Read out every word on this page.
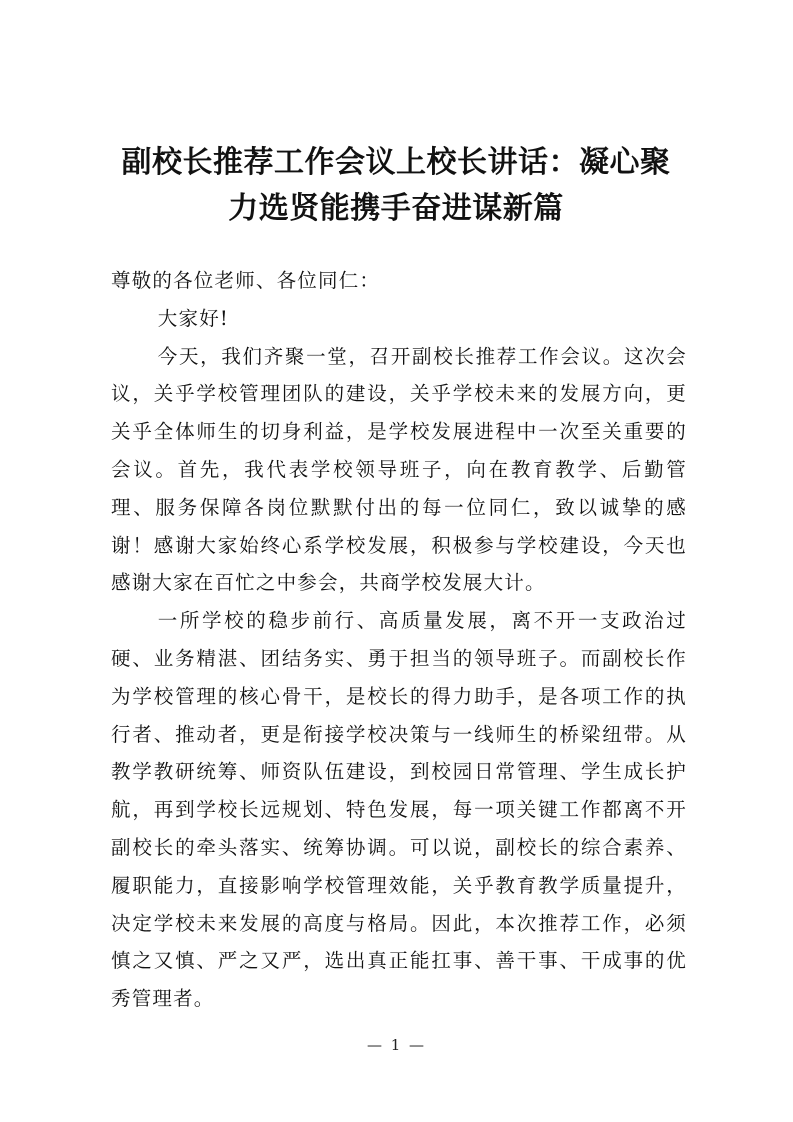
副校长推荐工作会议上校长讲话：凝心聚
力选贤能携手奋进谋新篇

尊敬的各位老师、各位同仁：

大家好!

今天，我们齐聚一堂，召开副校长推荐工作会议。这次会议，关乎学校管理团队的建设，关乎学校未来的发展方向，更关乎全体师生的切身利益，是学校发展进程中一次至关重要的会议。首先，我代表学校领导班子，向在教育教学、后勤管理、服务保障各岗位默默付出的每一位同仁，致以诚挚的感谢！感谢大家始终心系学校发展，积极参与学校建设，今天也感谢大家在百忙之中参会，共商学校发展大计。

一所学校的稳步前行、高质量发展，离不开一支政治过硬、业务精湛、团结务实、勇于担当的领导班子。而副校长作为学校管理的核心骨干，是校长的得力助手，是各项工作的执行者、推动者，更是衔接学校决策与一线师生的桥梁纽带。从教学教研统筹、师资队伍建设，到校园日常管理、学生成长护航，再到学校长远规划、特色发展，每一项关键工作都离不开副校长的牵头落实、统筹协调。可以说，副校长的综合素养、履职能力，直接影响学校管理效能，关乎教育教学质量提升，决定学校未来发展的高度与格局。因此，本次推荐工作，必须慎之又慎、严之又严，选出真正能扛事、善干事、干成事的优秀管理者。

— 1 —
